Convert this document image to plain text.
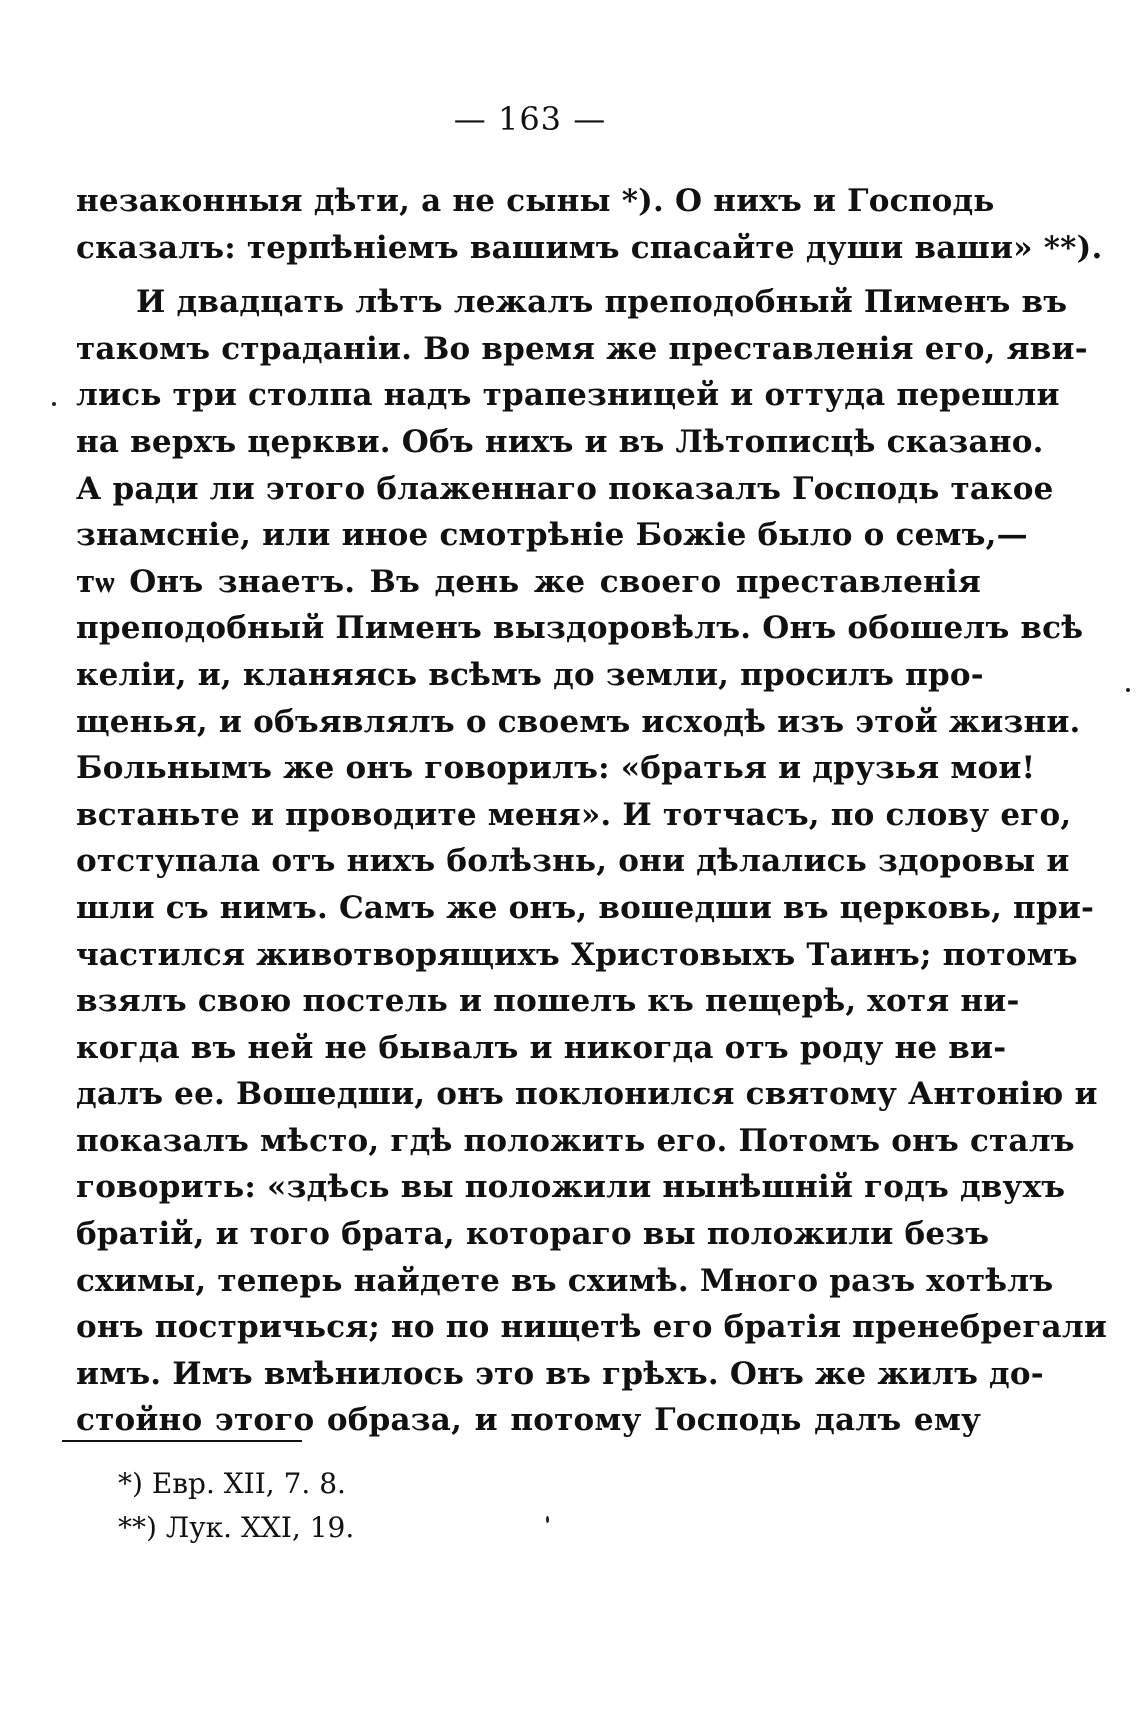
— 163 —
незаконныя дѣти, а не сыны *). О нихъ и Господь
сказалъ: терпѣніемъ вашимъ спасайте души ваши» **).
И двадцать лѣтъ лежалъ преподобный Пименъ въ
такомъ страданіи. Во время же преставленія его, яви-
лись три столпа надъ трапезницей и оттуда перешли
на верхъ церкви. Объ нихъ и въ Лѣтописцѣ сказано.
А ради ли этого блаженнаго показалъ Господь такое
знамсніе, или иное смотрѣніе Божіе было о семъ,—
тѡ Онъ знаетъ. Въ день же своего преставленія
преподобный Пименъ выздоровѣлъ. Онъ обошелъ всѣ
келіи, и, кланяясь всѣмъ до земли, просилъ про-
щенья, и объявлялъ о своемъ исходѣ изъ этой жизни.
Больнымъ же онъ говорилъ: «братья и друзья мои!
встаньте и проводите меня». И тотчасъ, по слову его,
отступала отъ нихъ болѣзнь, они дѣлались здоровы и
шли съ нимъ. Самъ же онъ, вошедши въ церковь, при-
частился животворящихъ Христовыхъ Таинъ; потомъ
взялъ свою постель и пошелъ къ пещерѣ, хотя ни-
когда въ ней не бывалъ и никогда отъ роду не ви-
далъ ее. Вошедши, онъ поклонился святому Антонію и
показалъ мѣсто, гдѣ положить его. Потомъ онъ сталъ
говорить: «здѣсь вы положили нынѣшній годъ двухъ
братій, и того брата, котораго вы положили безъ
схимы, теперь найдете въ схимѣ. Много разъ хотѣлъ
онъ постричься; но по нищетѣ его братія пренебрегали
имъ. Имъ вмѣнилось это въ грѣхъ. Онъ же жилъ до-
стойно этого образа, и потому Господь далъ ему
*) Евр. XII, 7. 8.
**) Лук. XXI, 19.
